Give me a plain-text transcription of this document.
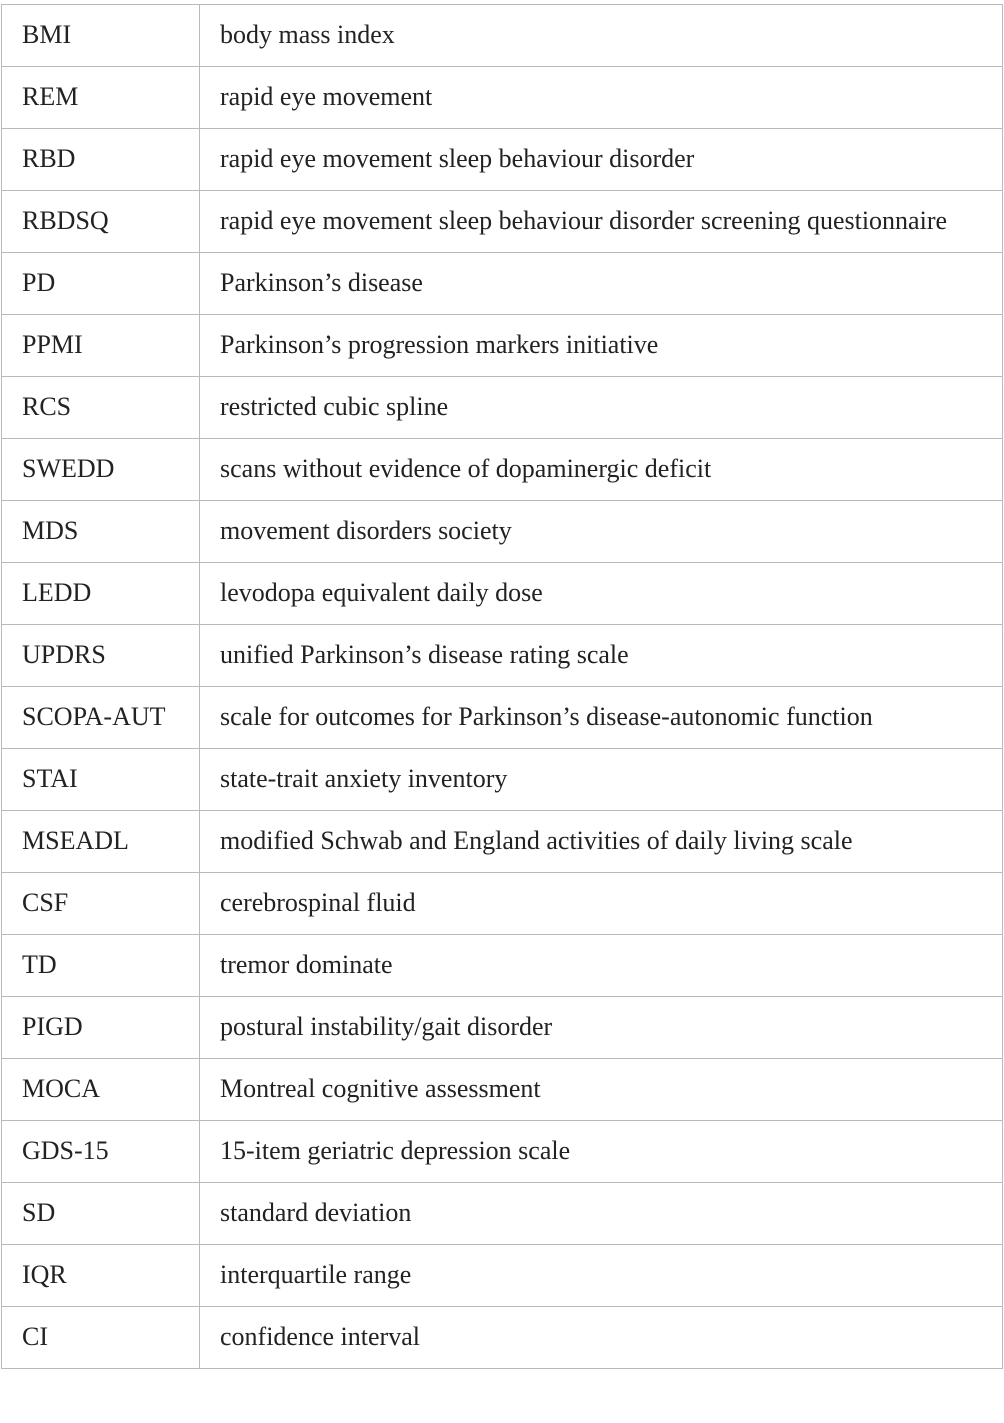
BMI	body mass index
REM	rapid eye movement
RBD	rapid eye movement sleep behaviour disorder
RBDSQ	rapid eye movement sleep behaviour disorder screening questionnaire
PD	Parkinson’s disease
PPMI	Parkinson’s progression markers initiative
RCS	restricted cubic spline
SWEDD	scans without evidence of dopaminergic deficit
MDS	movement disorders society
LEDD	levodopa equivalent daily dose
UPDRS	unified Parkinson’s disease rating scale
SCOPA-AUT	scale for outcomes for Parkinson’s disease-autonomic function
STAI	state-trait anxiety inventory
MSEADL	modified Schwab and England activities of daily living scale
CSF	cerebrospinal fluid
TD	tremor dominate
PIGD	postural instability/gait disorder
MOCA	Montreal cognitive assessment
GDS-15	15-item geriatric depression scale
SD	standard deviation
IQR	interquartile range
CI	confidence interval
